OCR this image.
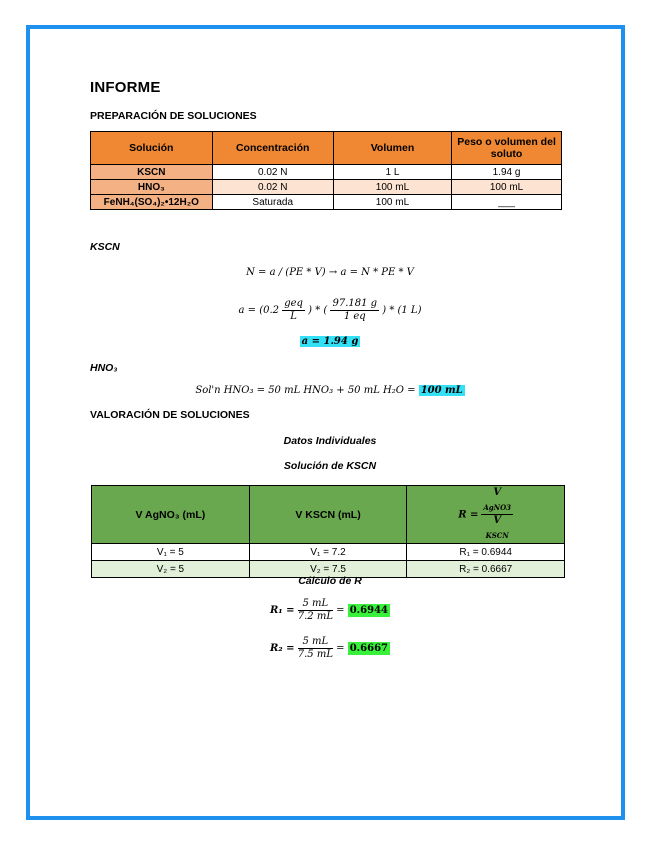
INFORME
PREPARACIÓN DE SOLUCIONES
Solución	Concentración	Volumen	Peso o volumen del soluto
KSCN	0.02 N	1 L	1.94 g
HNO₃	0.02 N	100 mL	100 mL
FeNH₄(SO₄)₂•12H₂O	Saturada	100 mL	___
KSCN
N = a / (PE * V) → a = N * PE * V
$a = (0.2 \frac{\text{geq}}{L}$ ) * ( $\frac{97.181 g}{1 eq}$ ) * (1 L)
a = 1.94 g
HNO₃
Sol'n HNO₃ = 50 mL HNO₃ + 50 mL H₂O = 100 mL
VALORACIÓN DE SOLUCIONES
Datos Individuales
Solución de KSCN
V AgNO₃ (mL)	V KSCN (mL)	R = V
$_{AgNO3}$
V
$_{KSCN}$

V₁ = 5	V₁ = 7.2	R₁ = 0.6944
V₂ = 5	V₂ = 7.5	R₂ = 0.6667
Cálculo de R
$R_1 = \frac{5 mL}{7.2 mL} = 0.6944$
$R_2 = \frac{5 mL}{7.5 mL} = 0.6667$
